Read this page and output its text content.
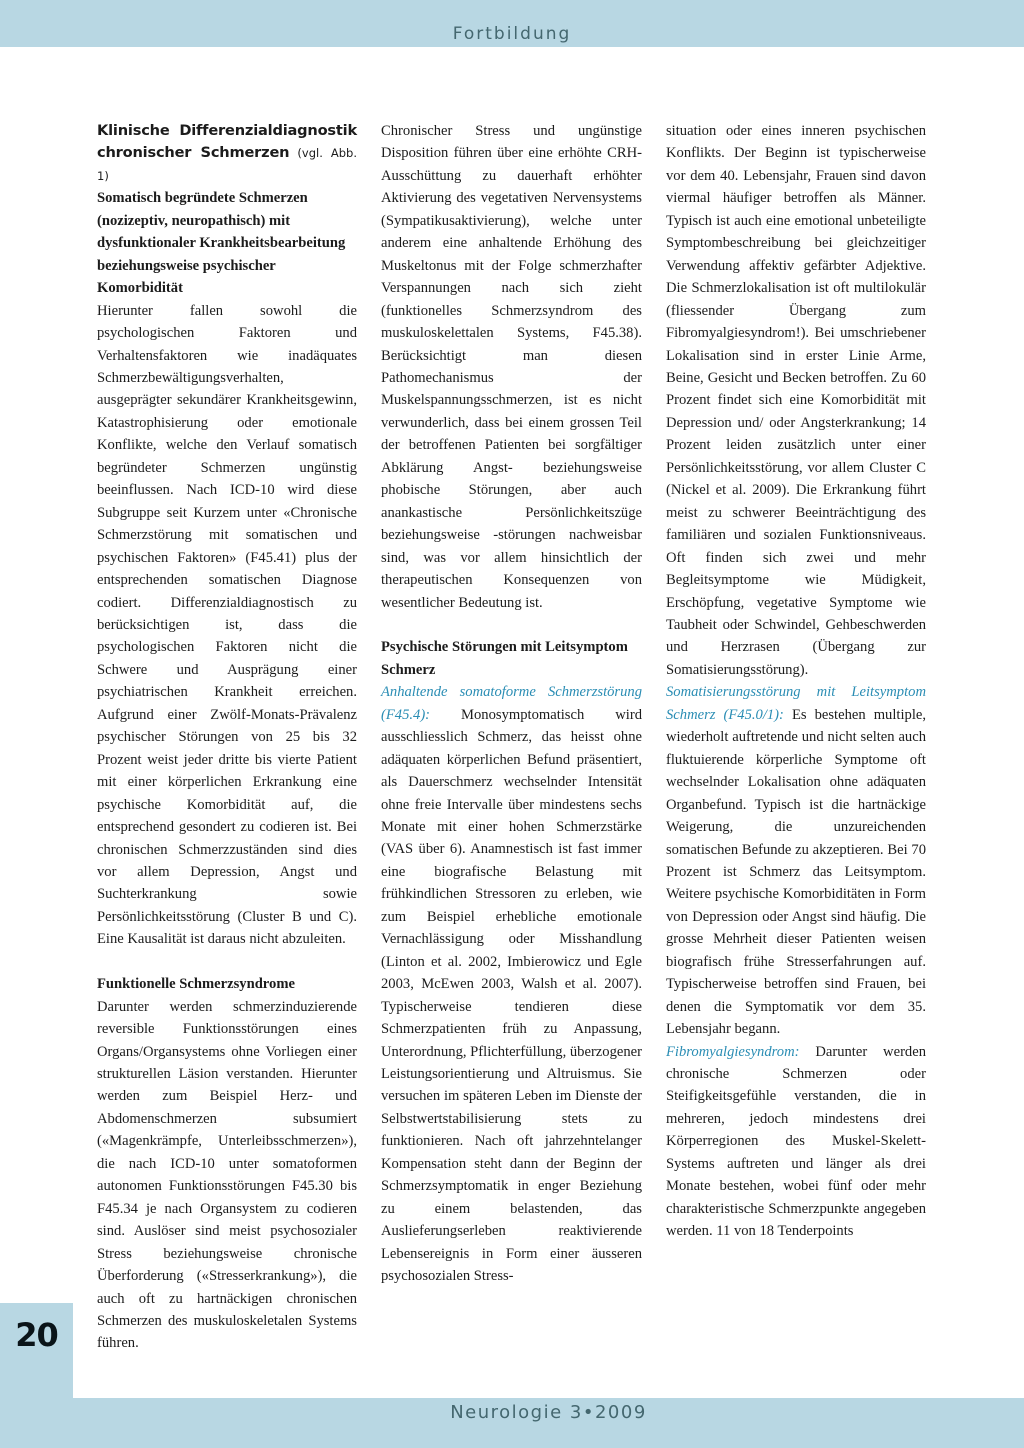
Fortbildung

Klinische Differenzialdiagnostik chronischer Schmerzen (vgl. Abb. 1)

Somatisch begründete Schmerzen (nozizeptiv, neuropathisch) mit dysfunktionaler Krankheitsbearbeitung beziehungsweise psychischer Komorbidität

Hierunter fallen sowohl die psychologischen Faktoren und Verhaltensfaktoren wie inadäquates Schmerzbewältigungsverhalten, ausgeprägter sekundärer Krankheitsgewinn, Katastrophisierung oder emotionale Konflikte, welche den Verlauf somatisch begründeter Schmerzen ungünstig beeinflussen. Nach ICD-10 wird diese Subgruppe seit Kurzem unter «Chronische Schmerzstörung mit somatischen und psychischen Faktoren» (F45.41) plus der entsprechenden somatischen Diagnose codiert. Differenzialdiagnostisch zu berücksichtigen ist, dass die psychologischen Faktoren nicht die Schwere und Ausprägung einer psychiatrischen Krankheit erreichen. Aufgrund einer Zwölf-Monats-Prävalenz psychischer Störungen von 25 bis 32 Prozent weist jeder dritte bis vierte Patient mit einer körperlichen Erkrankung eine psychische Komorbidität auf, die entsprechend gesondert zu codieren ist. Bei chronischen Schmerzzuständen sind dies vor allem Depression, Angst und Suchterkrankung sowie Persönlichkeitsstörung (Cluster B und C). Eine Kausalität ist daraus nicht abzuleiten.

Funktionelle Schmerzsyndrome

Darunter werden schmerzinduzierende reversible Funktionsstörungen eines Organs/Organsystems ohne Vorliegen einer strukturellen Läsion verstanden. Hierunter werden zum Beispiel Herz- und Abdomenschmerzen subsumiert («Magenkrämpfe, Unterleibsschmerzen»), die nach ICD-10 unter somatoformen autonomen Funktionsstörungen F45.30 bis F45.34 je nach Organsystem zu codieren sind. Auslöser sind meist psychosozialer Stress beziehungsweise chronische Überforderung («Stresserkrankung»), die auch oft zu hartnäckigen chronischen Schmerzen des muskuloskeletalen Systems führen.

Chronischer Stress und ungünstige Disposition führen über eine erhöhte CRH-Ausschüttung zu dauerhaft erhöhter Aktivierung des vegetativen Nervensystems (Sympatikusaktivierung), welche unter anderem eine anhaltende Erhöhung des Muskeltonus mit der Folge schmerzhafter Verspannungen nach sich zieht (funktionelles Schmerzsyndrom des muskuloskelettalen Systems, F45.38). Berücksichtigt man diesen Pathomechanismus der Muskelspannungsschmerzen, ist es nicht verwunderlich, dass bei einem grossen Teil der betroffenen Patienten bei sorgfältiger Abklärung Angst- beziehungsweise phobische Störungen, aber auch anankastische Persönlichkeitszüge beziehungsweise -störungen nachweisbar sind, was vor allem hinsichtlich der therapeutischen Konsequenzen von wesentlicher Bedeutung ist.

Psychische Störungen mit Leitsymptom Schmerz

Anhaltende somatoforme Schmerzstörung (F45.4): Monosymptomatisch wird ausschliesslich Schmerz, das heisst ohne adäquaten körperlichen Befund präsentiert, als Dauerschmerz wechselnder Intensität ohne freie Intervalle über mindestens sechs Monate mit einer hohen Schmerzstärke (VAS über 6). Anamnestisch ist fast immer eine biografische Belastung mit frühkindlichen Stressoren zu erleben, wie zum Beispiel erhebliche emotionale Vernachlässigung oder Misshandlung (Linton et al. 2002, Imbierowicz und Egle 2003, McEwen 2003, Walsh et al. 2007). Typischerweise tendieren diese Schmerzpatienten früh zu Anpassung, Unterordnung, Pflichterfüllung, überzogener Leistungsorientierung und Altruismus. Sie versuchen im späteren Leben im Dienste der Selbstwertstabilisierung stets zu funktionieren. Nach oft jahrzehntelanger Kompensation steht dann der Beginn der Schmerzsymptomatik in enger Beziehung zu einem belastenden, das Auslieferungserleben reaktivierende Lebensereignis in Form einer äusseren psychosozialen Stress-

situation oder eines inneren psychischen Konflikts. Der Beginn ist typischerweise vor dem 40. Lebensjahr, Frauen sind davon viermal häufiger betroffen als Männer. Typisch ist auch eine emotional unbeteiligte Symptombeschreibung bei gleichzeitiger Verwendung affektiv gefärbter Adjektive. Die Schmerzlokalisation ist oft multilokulär (fliessender Übergang zum Fibromyalgiesyndrom!). Bei umschriebener Lokalisation sind in erster Linie Arme, Beine, Gesicht und Becken betroffen. Zu 60 Prozent findet sich eine Komorbidität mit Depression und/ oder Angsterkrankung; 14 Prozent leiden zusätzlich unter einer Persönlichkeitsstörung, vor allem Cluster C (Nickel et al. 2009). Die Erkrankung führt meist zu schwerer Beeinträchtigung des familiären und sozialen Funktionsniveaus. Oft finden sich zwei und mehr Begleitsymptome wie Müdigkeit, Erschöpfung, vegetative Symptome wie Taubheit oder Schwindel, Gehbeschwerden und Herzrasen (Übergang zur Somatisierungsstörung).

Somatisierungsstörung mit Leitsymptom Schmerz (F45.0/1): Es bestehen multiple, wiederholt auftretende und nicht selten auch fluktuierende körperliche Symptome oft wechselnder Lokalisation ohne adäquaten Organbefund. Typisch ist die hartnäckige Weigerung, die unzureichenden somatischen Befunde zu akzeptieren. Bei 70 Prozent ist Schmerz das Leitsymptom. Weitere psychische Komorbiditäten in Form von Depression oder Angst sind häufig. Die grosse Mehrheit dieser Patienten weisen biografisch frühe Stresserfahrungen auf. Typischerweise betroffen sind Frauen, bei denen die Symptomatik vor dem 35. Lebensjahr begann.

Fibromyalgiesyndrom: Darunter werden chronische Schmerzen oder Steifigkeitsgefühle verstanden, die in mehreren, jedoch mindestens drei Körperregionen des Muskel-Skelett-Systems auftreten und länger als drei Monate bestehen, wobei fünf oder mehr charakteristische Schmerzpunkte angegeben werden. 11 von 18 Tenderpoints

20
Neurologie 3•2009
